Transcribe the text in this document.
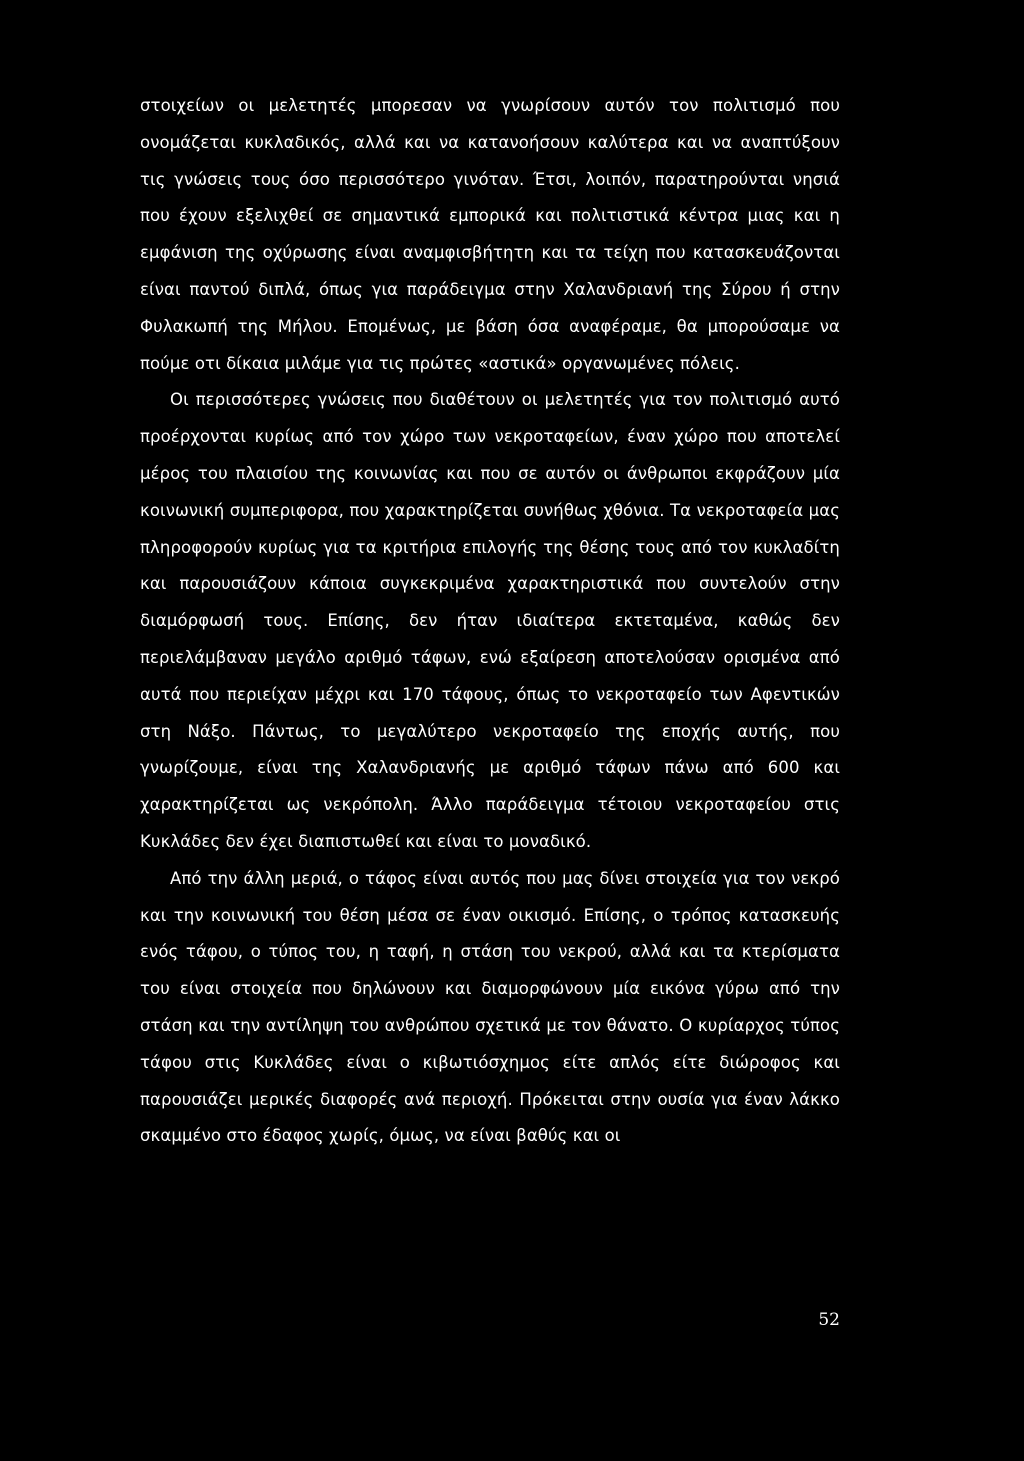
στοιχείων οι μελετητές μπορεσαν να γνωρίσουν αυτόν τον πολιτισμό που ονομάζεται κυκλαδικός, αλλά και να κατανοήσουν καλύτερα και να αναπτύξουν τις γνώσεις τους όσο περισσότερο γινόταν. Έτσι, λοιπόν, παρατηρούνται νησιά που έχουν εξελιχθεί σε σημαντικά εμπορικά και πολιτιστικά κέντρα μιας και η εμφάνιση της οχύρωσης είναι αναμφισβήτητη και τα τείχη που κατασκευάζονται είναι παντού διπλά, όπως για παράδειγμα στην Χαλανδριανή της Σύρου ή στην Φυλακωπή της Μήλου. Επομένως, με βάση όσα αναφέραμε, θα μπορούσαμε να πούμε οτι δίκαια μιλάμε για τις πρώτες «αστικά» οργανωμένες πόλεις.

Οι περισσότερες γνώσεις που διαθέτουν οι μελετητές για τον πολιτισμό αυτό προέρχονται κυρίως από τον χώρο των νεκροταφείων, έναν χώρο που αποτελεί μέρος του πλαισίου της κοινωνίας και που σε αυτόν οι άνθρωποι εκφράζουν μία κοινωνική συμπεριφορα, που χαρακτηρίζεται συνήθως χθόνια. Τα νεκροταφεία μας πληροφορούν κυρίως για τα κριτήρια επιλογής της θέσης τους από τον κυκλαδίτη και παρουσιάζουν κάποια συγκεκριμένα χαρακτηριστικά που συντελούν στην διαμόρφωσή τους. Επίσης, δεν ήταν ιδιαίτερα εκτεταμένα, καθώς δεν περιελάμβαναν μεγάλο αριθμό τάφων, ενώ εξαίρεση αποτελούσαν ορισμένα από αυτά που περιείχαν μέχρι και 170 τάφους, όπως το νεκροταφείο των Αφεντικών στη Νάξο. Πάντως, το μεγαλύτερο νεκροταφείο της εποχής αυτής, που γνωρίζουμε, είναι της Χαλανδριανής με αριθμό τάφων πάνω από 600 και χαρακτηρίζεται ως νεκρόπολη. Άλλο παράδειγμα τέτοιου νεκροταφείου στις Κυκλάδες δεν έχει διαπιστωθεί και είναι το μοναδικό.

Από την άλλη μεριά, ο τάφος είναι αυτός που μας δίνει στοιχεία για τον νεκρό και την κοινωνική του θέση μέσα σε έναν οικισμό. Επίσης, ο τρόπος κατασκευής ενός τάφου, ο τύπος του, η ταφή, η στάση του νεκρού, αλλά και τα κτερίσματα του είναι στοιχεία που δηλώνουν και διαμορφώνουν μία εικόνα γύρω από την στάση και την αντίληψη του ανθρώπου σχετικά με τον θάνατο. Ο κυρίαρχος τύπος τάφου στις Κυκλάδες είναι ο κιβωτιόσχημος είτε απλός είτε διώροφος και παρουσιάζει μερικές διαφορές ανά περιοχή. Πρόκειται στην ουσία για έναν λάκκο σκαμμένο στο έδαφος χωρίς, όμως, να είναι βαθύς και οι

52
